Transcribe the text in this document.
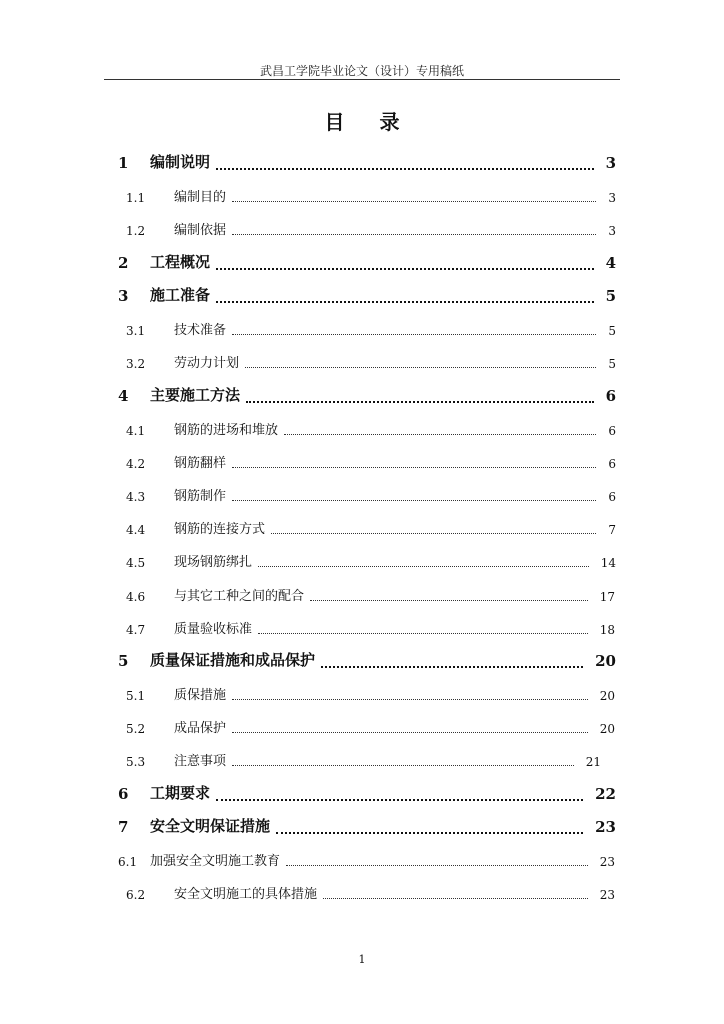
武昌工学院毕业论文（设计）专用稿纸
目 录
1 编制说明	3
1.1 编制目的	3
1.2 编制依据	3
2 工程概况	4
3 施工准备	5
3.1 技术准备	5
3.2 劳动力计划	5
4 主要施工方法	6
4.1 钢筋的进场和堆放	6
4.2 钢筋翻样	6
4.3 钢筋制作	6
4.4 钢筋的连接方式	7
4.5 现场钢筋绑扎	14
4.6 与其它工种之间的配合	17
4.7 质量验收标准	18
5 质量保证措施和成品保护	20
5.1 质保措施	20
5.2 成品保护	20
5.3 注意事项	21
6 工期要求	22
7 安全文明保证措施	23
6.1 加强安全文明施工教育	23
6.2 安全文明施工的具体措施	23
1
